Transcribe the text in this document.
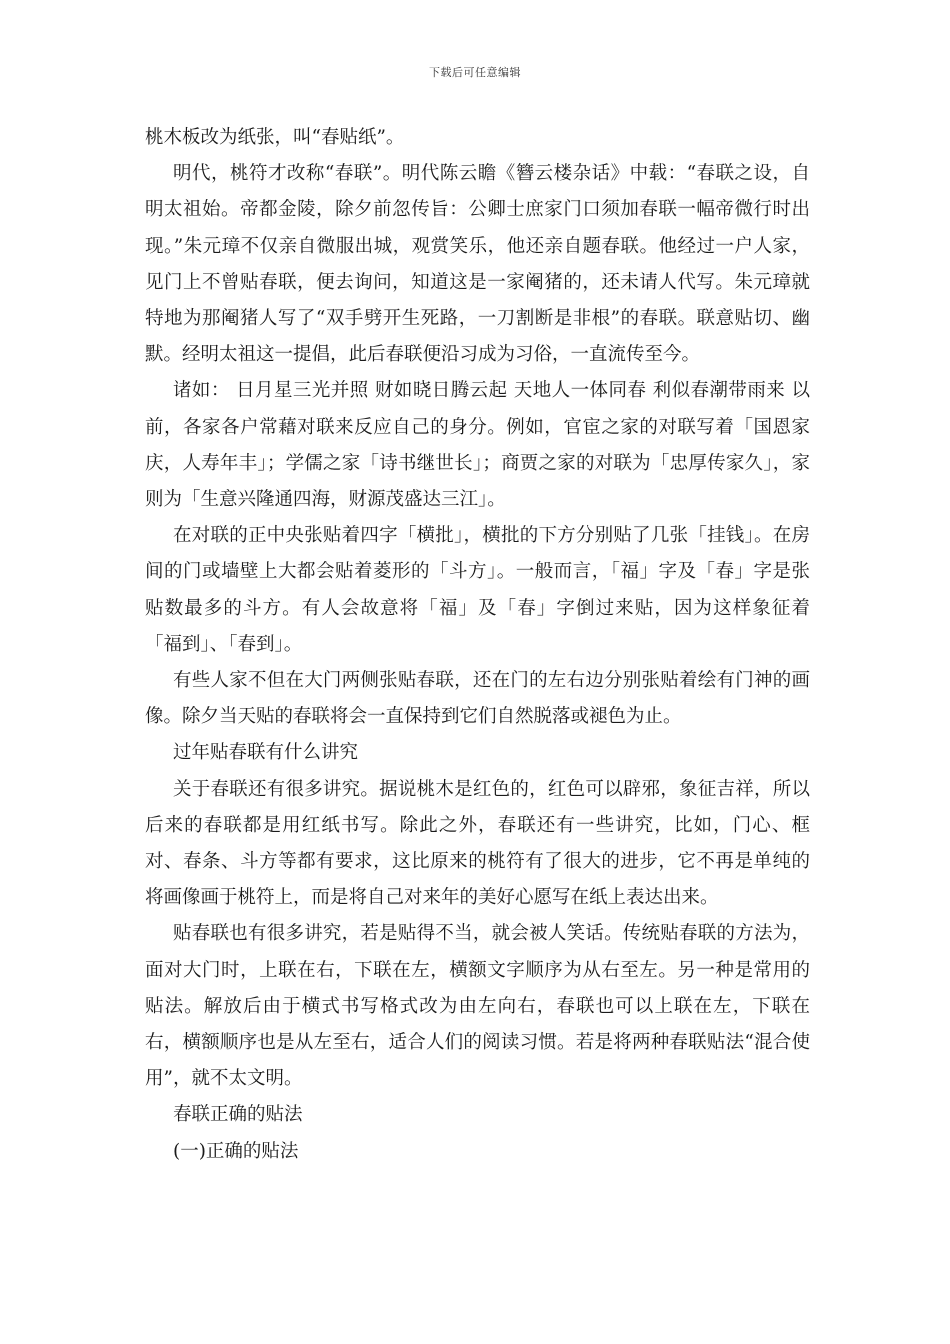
下载后可任意编辑

桃木板改为纸张，叫“春贴纸”。

明代，桃符才改称“春联”。明代陈云瞻《簪云楼杂话》中载：“春联之设，自明太祖始。帝都金陵，除夕前忽传旨：公卿士庶家门口须加春联一幅帝微行时出现。”朱元璋不仅亲自微服出城，观赏笑乐，他还亲自题春联。他经过一户人家，见门上不曾贴春联，便去询问，知道这是一家阉猪的，还未请人代写。朱元璋就特地为那阉猪人写了“双手劈开生死路，一刀割断是非根”的春联。联意贴切、幽默。经明太祖这一提倡，此后春联便沿习成为习俗，一直流传至今。

诸如： 日月星三光并照 财如晓日腾云起 天地人一体同春 利似春潮带雨来 以前，各家各户常藉对联来反应自己的身分。例如，官宦之家的对联写着「国恩家庆，人寿年丰」；学儒之家「诗书继世长」；商贾之家的对联为「忠厚传家久」，家则为「生意兴隆通四海，财源茂盛达三江」。

在对联的正中央张贴着四字「横批」，横批的下方分别贴了几张「挂钱」。在房间的门或墙壁上大都会贴着菱形的「斗方」。一般而言，「福」字及「春」字是张贴数最多的斗方。有人会故意将「福」及「春」字倒过来贴，因为这样象征着「福到」、「春到」。

有些人家不但在大门两侧张贴春联，还在门的左右边分别张贴着绘有门神的画像。除夕当天贴的春联将会一直保持到它们自然脱落或褪色为止。

过年贴春联有什么讲究

关于春联还有很多讲究。据说桃木是红色的，红色可以辟邪，象征吉祥，所以后来的春联都是用红纸书写。除此之外，春联还有一些讲究，比如，门心、框对、春条、斗方等都有要求，这比原来的桃符有了很大的进步，它不再是单纯的将画像画于桃符上，而是将自己对来年的美好心愿写在纸上表达出来。

贴春联也有很多讲究，若是贴得不当，就会被人笑话。传统贴春联的方法为，面对大门时，上联在右，下联在左，横额文字顺序为从右至左。另一种是常用的贴法。解放后由于横式书写格式改为由左向右，春联也可以上联在左，下联在右，横额顺序也是从左至右，适合人们的阅读习惯。若是将两种春联贴法“混合使用”，就不太文明。

春联正确的贴法

(一)正确的贴法
